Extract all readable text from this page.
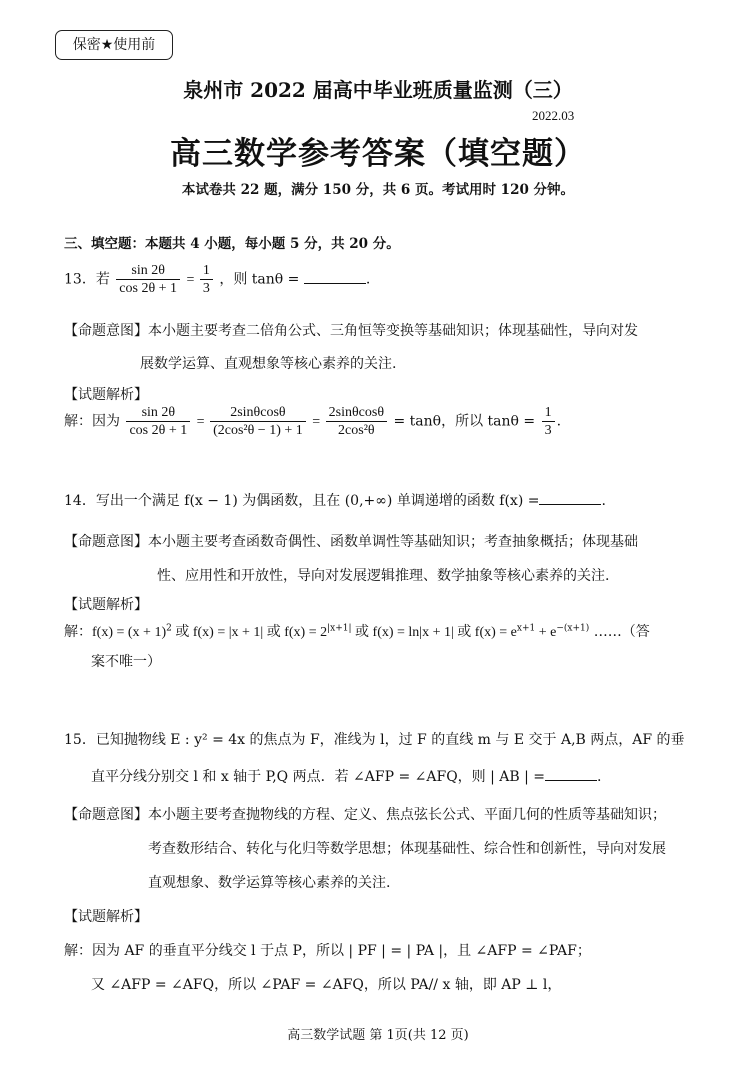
保密★使用前
泉州市 2022 届高中毕业班质量监测（三）
2022.03
高三数学参考答案（填空题）
本试卷共 22 题，满分 150 分，共 6 页。考试用时 120 分钟。
三、填空题：本题共 4 小题，每小题 5 分，共 20 分。
13．若 $\frac{\sin 2\theta}{\cos 2\theta + 1} = \frac{1}{3}$ ，则 tanθ =	.
【命题意图】本小题主要考查二倍角公式、三角恒等变换等基础知识；体现基础性，导向对发
展数学运算、直观想象等核心素养的关注.
【试题解析】
解：因为 $\frac{\sin 2\theta}{\cos 2\theta + 1} = \frac{2\sin\theta\cos\theta}{\text{(2cos²θ − 1) + 1}} = \frac{2\sin\theta\cos\theta}{\text{2cos²θ}} = \tan\theta$，所以 $\tan\theta = \frac{1}{3}$ .
14．写出一个满足 f(x − 1) 为偶函数，且在 (0,+∞) 单调递增的函数 f(x) =	.
【命题意图】本小题主要考查函数奇偶性、函数单调性等基础知识；考查抽象概括；体现基础
性、应用性和开放性，导向对发展逻辑推理、数学抽象等核心素养的关注.
【试题解析】
解：$f(x) = (x + 1)^2$ 或 f(x) = |x + 1| 或 $f(x) = 2^{|x+1|}$ 或 f(x) = ln|x + 1| 或 $f(x) = e^{x+1} + e^{-(x+1)}$ ……（答
案不唯一）
15．已知抛物线 E : y² = 4x 的焦点为 F，准线为 l，过 F 的直线 m 与 E 交于 A,B 两点，AF 的垂
直平分线分别交 l 和 x 轴于 P,Q 两点．若 ∠AFP = ∠AFQ，则 | AB | =	.
【命题意图】本小题主要考查抛物线的方程、定义、焦点弦长公式、平面几何的性质等基础知识；
考查数形结合、转化与化归等数学思想；体现基础性、综合性和创新性，导向对发展
直观想象、数学运算等核心素养的关注.
【试题解析】
解：因为 AF 的垂直平分线交 l 于点 P，所以 | PF | = | PA |，且 ∠AFP = ∠PAF；
又 ∠AFP = ∠AFQ，所以 ∠PAF = ∠AFQ，所以 PA// x 轴，即 AP ⊥ l，
高三数学试题 第 1页(共 12 页)
